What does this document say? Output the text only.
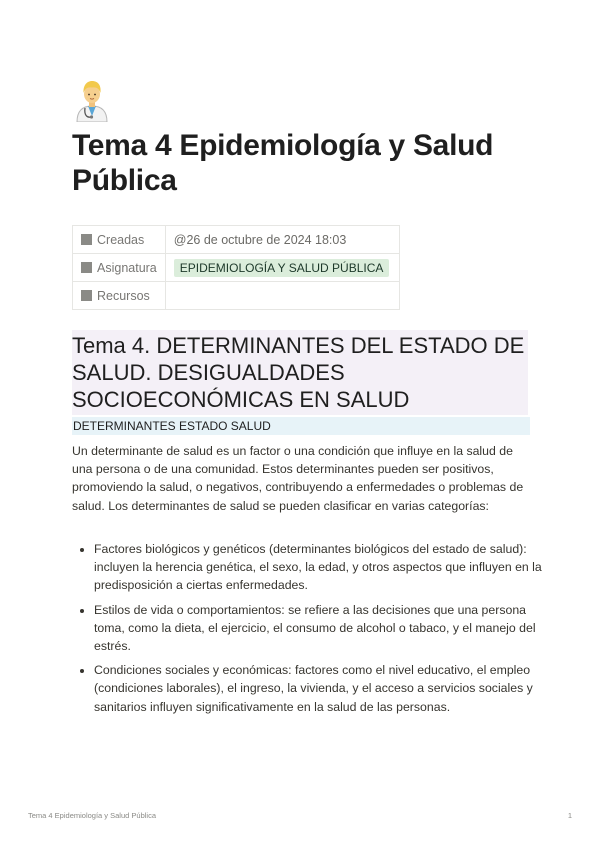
Tema 4 Epidemiología y Salud Pública
Creadas	@26 de octubre de 2024 18:03
Asignatura	EPIDEMIOLOGÍA Y SALUD PÚBLICA
Recursos	
Tema 4. DETERMINANTES DEL ESTADO DE SALUD. DESIGUALDADES SOCIOECONÓMICAS EN SALUD
DETERMINANTES ESTADO SALUD
Un determinante de salud es un factor o una condición que influye en la salud de una persona o de una comunidad. Estos determinantes pueden ser positivos, promoviendo la salud, o negativos, contribuyendo a enfermedades o problemas de salud. Los determinantes de salud se pueden clasificar en varias categorías:
• Factores biológicos y genéticos (determinantes biológicos del estado de salud): incluyen la herencia genética, el sexo, la edad, y otros aspectos que influyen en la predisposición a ciertas enfermedades.
• Estilos de vida o comportamientos: se refiere a las decisiones que una persona toma, como la dieta, el ejercicio, el consumo de alcohol o tabaco, y el manejo del estrés.
• Condiciones sociales y económicas: factores como el nivel educativo, el empleo (condiciones laborales), el ingreso, la vivienda, y el acceso a servicios sociales y sanitarios influyen significativamente en la salud de las personas.
Tema 4 Epidemiología y Salud Pública	1
